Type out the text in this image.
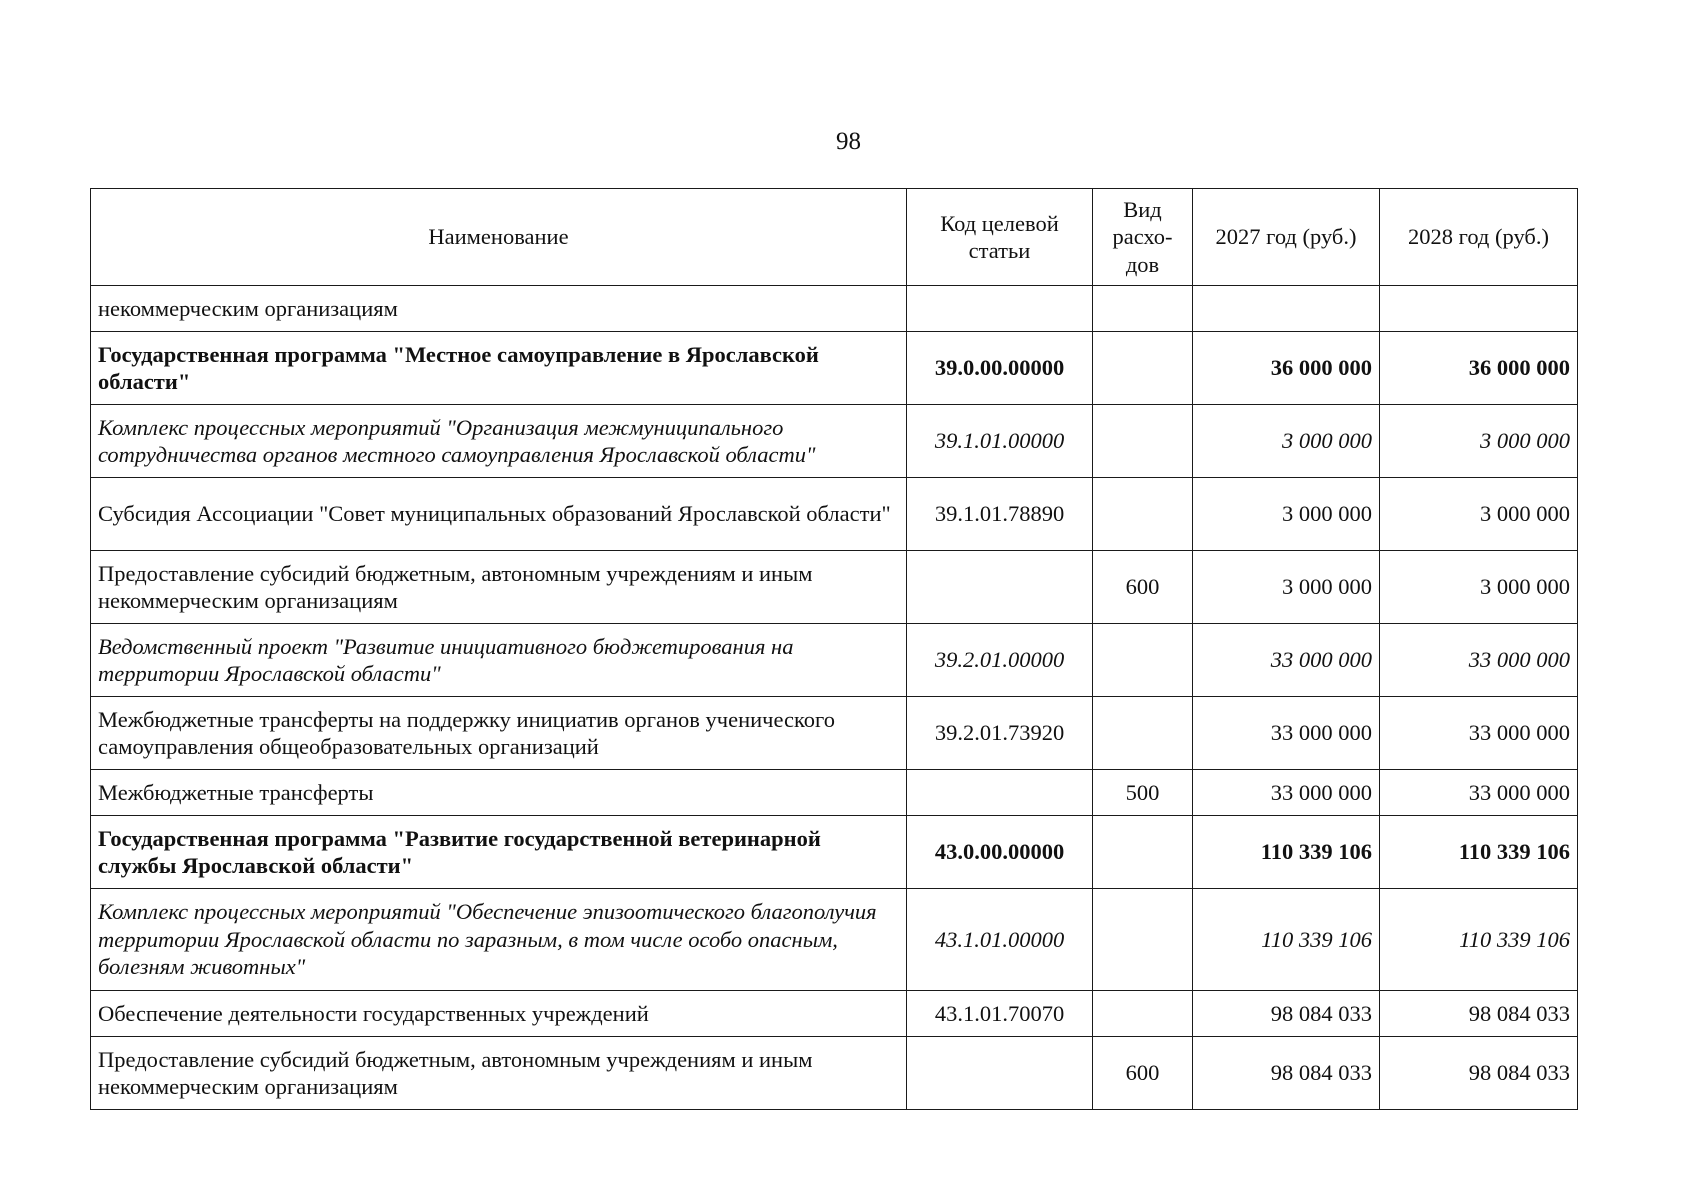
98
Наименование	Код целевой статьи	Вид расхо-дов	2027 год (руб.)	2028 год (руб.)
некоммерческим организациям				
Государственная программа "Местное самоуправление в Ярославской области"	39.0.00.00000		36 000 000	36 000 000
Комплекс процессных мероприятий "Организация межмуниципального сотрудничества органов местного самоуправления Ярославской области"	39.1.01.00000		3 000 000	3 000 000
Субсидия Ассоциации "Совет муниципальных образований Ярославской области"	39.1.01.78890		3 000 000	3 000 000
Предоставление субсидий бюджетным, автономным учреждениям и иным некоммерческим организациям		600	3 000 000	3 000 000
Ведомственный проект "Развитие инициативного бюджетирования на территории Ярославской области"	39.2.01.00000		33 000 000	33 000 000
Межбюджетные трансферты на поддержку инициатив органов ученического самоуправления общеобразовательных организаций	39.2.01.73920		33 000 000	33 000 000
Межбюджетные трансферты		500	33 000 000	33 000 000
Государственная программа "Развитие государственной ветеринарной службы Ярославской области"	43.0.00.00000		110 339 106	110 339 106
Комплекс процессных мероприятий "Обеспечение эпизоотического благополучия территории Ярославской области по заразным, в том числе особо опасным, болезням животных"	43.1.01.00000		110 339 106	110 339 106
Обеспечение деятельности государственных учреждений	43.1.01.70070		98 084 033	98 084 033
Предоставление субсидий бюджетным, автономным учреждениям и иным некоммерческим организациям		600	98 084 033	98 084 033
